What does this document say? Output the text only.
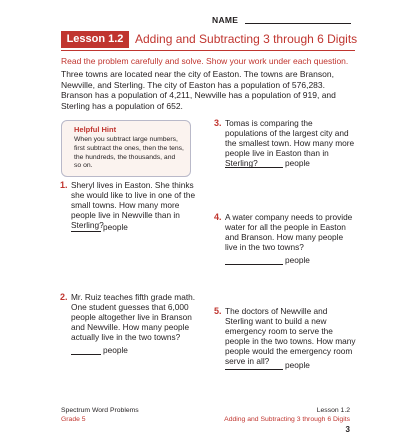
NAME
Lesson 1.2 Adding and Subtracting 3 through 6 Digits
Read the problem carefully and solve. Show your work under each question.
Three towns are located near the city of Easton. The towns are Branson, Newville, and Sterling. The city of Easton has a population of 576,283. Branson has a population of 4,211, Newville has a population of 919, and Sterling has a population of 652.
Helpful Hint
When you subtract large numbers, first subtract the ones, then the tens, the hundreds, the thousands, and so on.
1. Sheryl lives in Easton. She thinks she would like to live in one of the small towns. How many more people live in Newville than in Sterling? people
2. Mr. Ruiz teaches fifth grade math. One student guesses that 6,000 people altogether live in Branson and Newville. How many people actually live in the two towns?
people
3. Tomas is comparing the populations of the largest city and the smallest town. How many more people live in Easton than in Sterling?	people
4. A water company needs to provide water for all the people in Easton and Branson. How many people live in the two towns?
people
5. The doctors of Newville and Sterling want to build a new emergency room to serve the people in the two towns. How many people would the emergency room serve in all?	people
Spectrum Word Problems
Grade 5
Lesson 1.2
Adding and Subtracting 3 through 6 Digits
3
